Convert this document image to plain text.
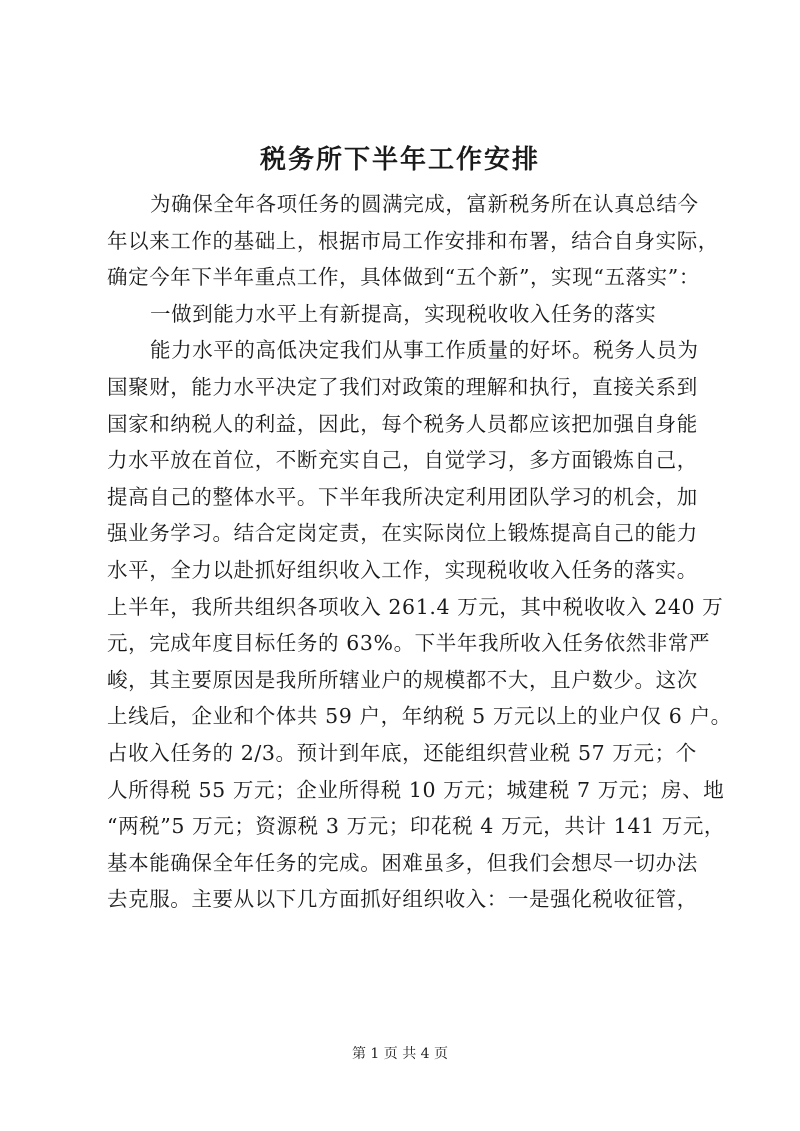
税务所下半年工作安排
为确保全年各项任务的圆满完成，富新税务所在认真总结今
年以来工作的基础上，根据市局工作安排和布署，结合自身实际，
确定今年下半年重点工作，具体做到“五个新”，实现“五落实”：
一做到能力水平上有新提高，实现税收收入任务的落实
能力水平的高低决定我们从事工作质量的好坏。税务人员为
国聚财，能力水平决定了我们对政策的理解和执行，直接关系到
国家和纳税人的利益，因此，每个税务人员都应该把加强自身能
力水平放在首位，不断充实自己，自觉学习，多方面锻炼自己，
提高自己的整体水平。下半年我所决定利用团队学习的机会，加
强业务学习。结合定岗定责，在实际岗位上锻炼提高自己的能力
水平，全力以赴抓好组织收入工作，实现税收收入任务的落实。
上半年，我所共组织各项收入 261.4 万元，其中税收收入 240 万
元，完成年度目标任务的 63%。下半年我所收入任务依然非常严
峻，其主要原因是我所所辖业户的规模都不大，且户数少。这次
上线后，企业和个体共 59 户，年纳税 5 万元以上的业户仅 6 户。
占收入任务的 2/3。预计到年底，还能组织营业税 57 万元；个
人所得税 55 万元；企业所得税 10 万元；城建税 7 万元；房、地
“两税”5 万元；资源税 3 万元；印花税 4 万元，共计 141 万元，
基本能确保全年任务的完成。困难虽多，但我们会想尽一切办法
去克服。主要从以下几方面抓好组织收入：一是强化税收征管，
第 1 页 共 4 页
